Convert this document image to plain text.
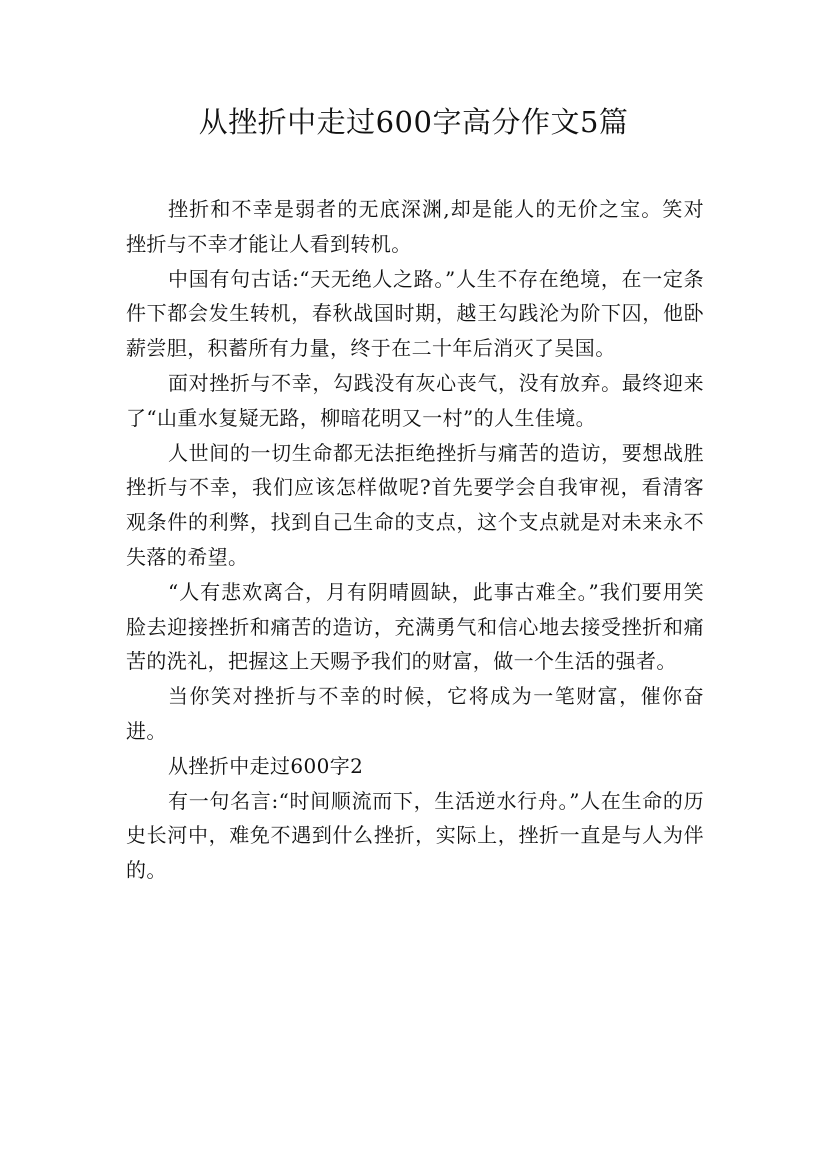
从挫折中走过600字高分作文5篇

挫折和不幸是弱者的无底深渊,却是能人的无价之宝。笑对挫折与不幸才能让人看到转机。

中国有句古话:“天无绝人之路。”人生不存在绝境，在一定条件下都会发生转机，春秋战国时期，越王勾践沦为阶下囚，他卧薪尝胆，积蓄所有力量，终于在二十年后消灭了吴国。

面对挫折与不幸，勾践没有灰心丧气，没有放弃。最终迎来了“山重水复疑无路，柳暗花明又一村”的人生佳境。

人世间的一切生命都无法拒绝挫折与痛苦的造访，要想战胜挫折与不幸，我们应该怎样做呢?首先要学会自我审视，看清客观条件的利弊，找到自己生命的支点，这个支点就是对未来永不失落的希望。

“人有悲欢离合，月有阴晴圆缺，此事古难全。”我们要用笑脸去迎接挫折和痛苦的造访，充满勇气和信心地去接受挫折和痛苦的洗礼，把握这上天赐予我们的财富，做一个生活的强者。

当你笑对挫折与不幸的时候，它将成为一笔财富，催你奋进。

从挫折中走过600字2

有一句名言:“时间顺流而下，生活逆水行舟。”人在生命的历史长河中，难免不遇到什么挫折，实际上，挫折一直是与人为伴的。
